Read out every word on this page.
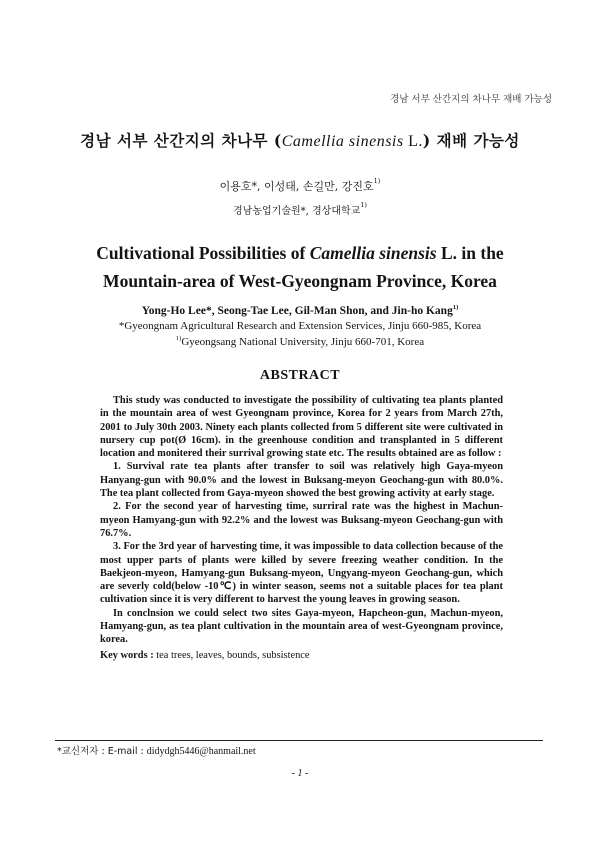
경남 서부 산간지의 차나무 재배 가능성
경남 서부 산간지의 차나무 (Camellia sinensis L.) 재배 가능성
이용호*, 이성태, 손길만, 강진호$^{1)}$
경남농업기술원*, 경상대학교$^{1)}$
Cultivational Possibilities of Camellia sinensis L. in the
Mountain-area of West-Gyeongnam Province, Korea
Yong-Ho Lee*, Seong-Tae Lee, Gil-Man Shon, and Jin-ho Kang$^{1)}$
*Gyeongnam Agricultural Research and Extension Services, Jinju 660-985, Korea
$^{1)}$Gyeongsang National University, Jinju 660-701, Korea
ABSTRACT

This study was conducted to investigate the possibility of cultivating tea plants planted in the mountain area of west Gyeongnam province, Korea for 2 years from March 27th, 2001 to July 30th 2003. Ninety each plants collected from 5 different site were cultivated in nursery cup pot(Ø 16cm). in the greenhouse condition and transplanted in 5 different location and monitered their surrival growing state etc. The results obtained are as follow :

1. Survival rate tea plants after transfer to soil was relatively high Gaya-myeon Hanyang-gun with 90.0% and the lowest in Buksang-meyon Geochang-gun with 80.0%. The tea plant collected from Gaya-myeon showed the best growing activity at early stage.

2. For the second year of harvesting time, surriral rate was the highest in Machun-myeon Hamyang-gun with 92.2% and the lowest was Buksang-myeon Geochang-gun with 76.7%.

3. For the 3rd year of harvesting time, it was impossible to data collection because of the most upper parts of plants were killed by severe freezing weather condition. In the Baekjeon-myeon, Hamyang-gun Buksang-myeon, Ungyang-myeon Geochang-gun, which are severly cold(below -10℃) in winter season, seems not a suitable places for tea plant cultivation since it is very different to harvest the young leaves in growing season.

In conclnsion we could select two sites Gaya-myeon, Hapcheon-gun, Machun-myeon, Hamyang-gun, as tea plant cultivation in the mountain area of west-Gyeongnam province, korea.

Key words : tea trees, leaves, bounds, subsistence
*교신저자 : E-mail : didydgh5446@hanmail.net
- 1 -
